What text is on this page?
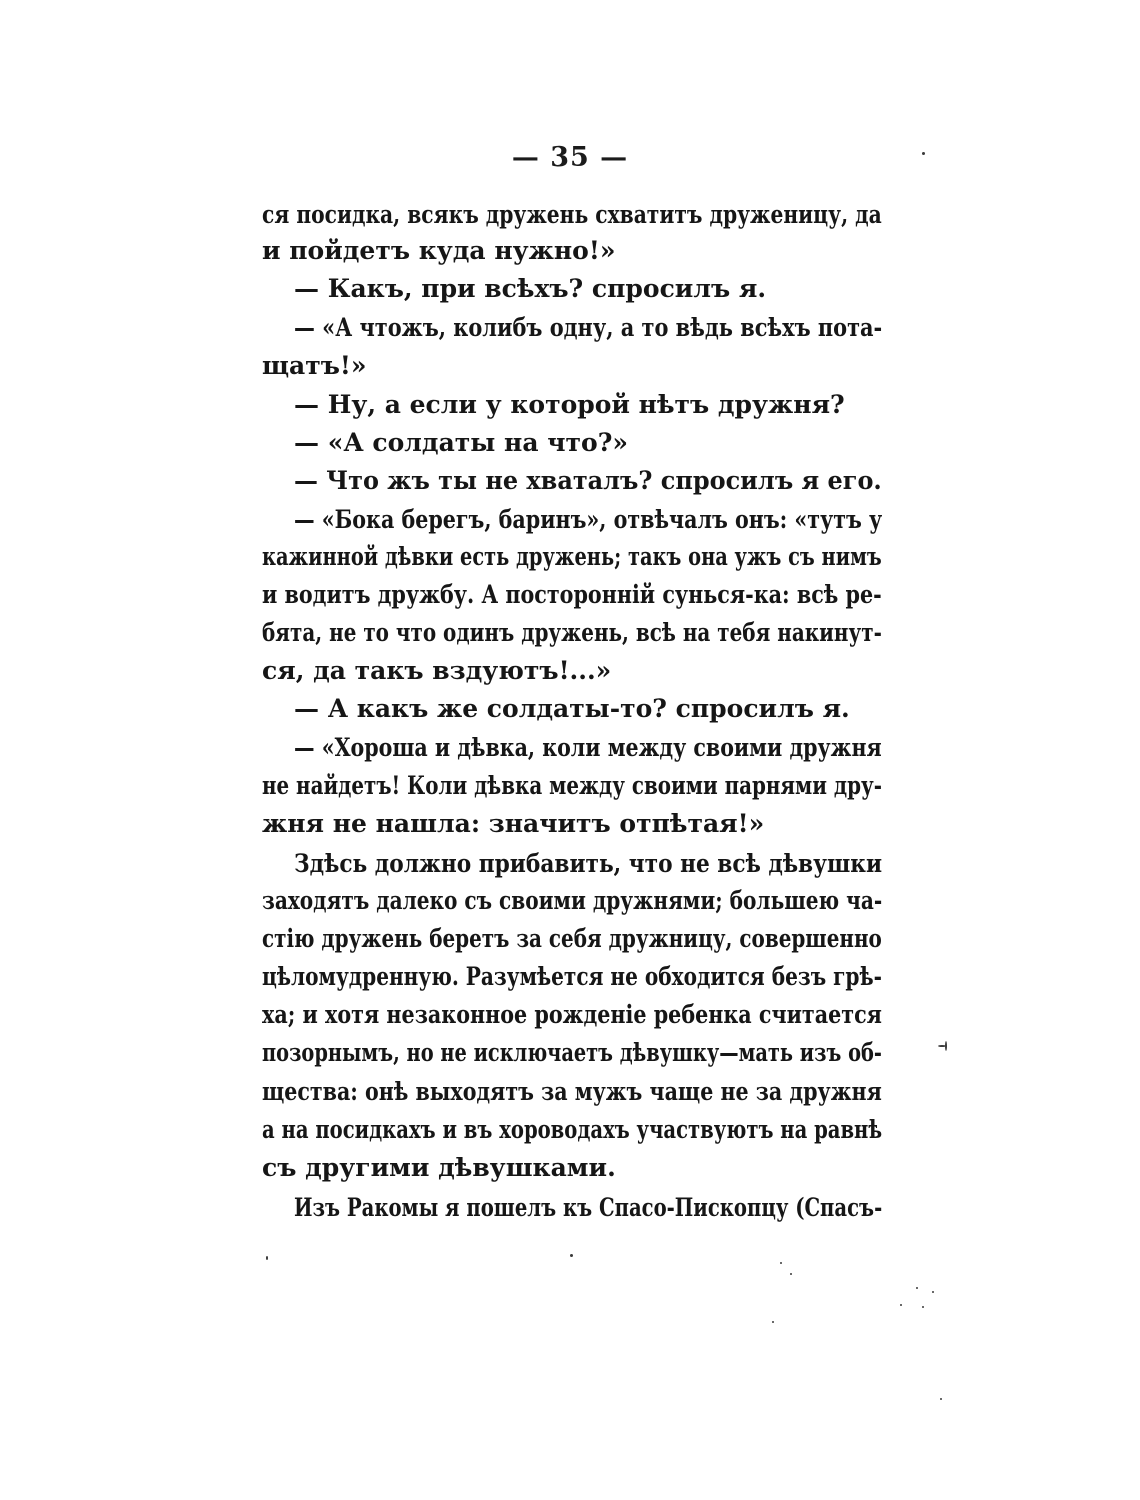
— 35 —
ся посидка, всякъ дружень схватитъ друженицу, да
и пойдетъ куда нужно!»
— Какъ, при всѣхъ? спросилъ я.
— «А чтожъ, колибъ одну, а то вѣдь всѣхъ пота-
щатъ!»
— Ну, а если у которой нѣтъ дружня?
— «А солдаты на что?»
— Что жъ ты не хваталъ? спросилъ я его.
— «Бока берегъ, баринъ», отвѣчалъ онъ: «тутъ у
кажинной дѣвки есть дружень; такъ она ужъ съ нимъ
и водитъ дружбу. А посторонній сунься-ка: всѣ ре-
бята, не то что одинъ дружень, всѣ на тебя накинут-
ся, да такъ вздуютъ!...»
— А какъ же солдаты-то? спросилъ я.
— «Хороша и дѣвка, коли между своими дружня
не найдетъ! Коли дѣвка между своими парнями дру-
жня не нашла: значитъ отпѣтая!»
Здѣсь должно прибавить, что не всѣ дѣвушки
заходятъ далеко съ своими дружнями; большею ча-
стію дружень беретъ за себя дружницу, совершенно
цѣломудренную. Разумѣется не обходится безъ грѣ-
ха; и хотя незаконное рожденіе ребенка считается
позорнымъ, но не исключаетъ дѣвушку—мать изъ об-
щества: онѣ выходятъ за мужъ чаще не за дружня
а на посидкахъ и въ хороводахъ участвуютъ на равнѣ
съ другими дѣвушками.
Изъ Ракомы я пошелъ къ Спасо-Пископцу (Спасъ-
